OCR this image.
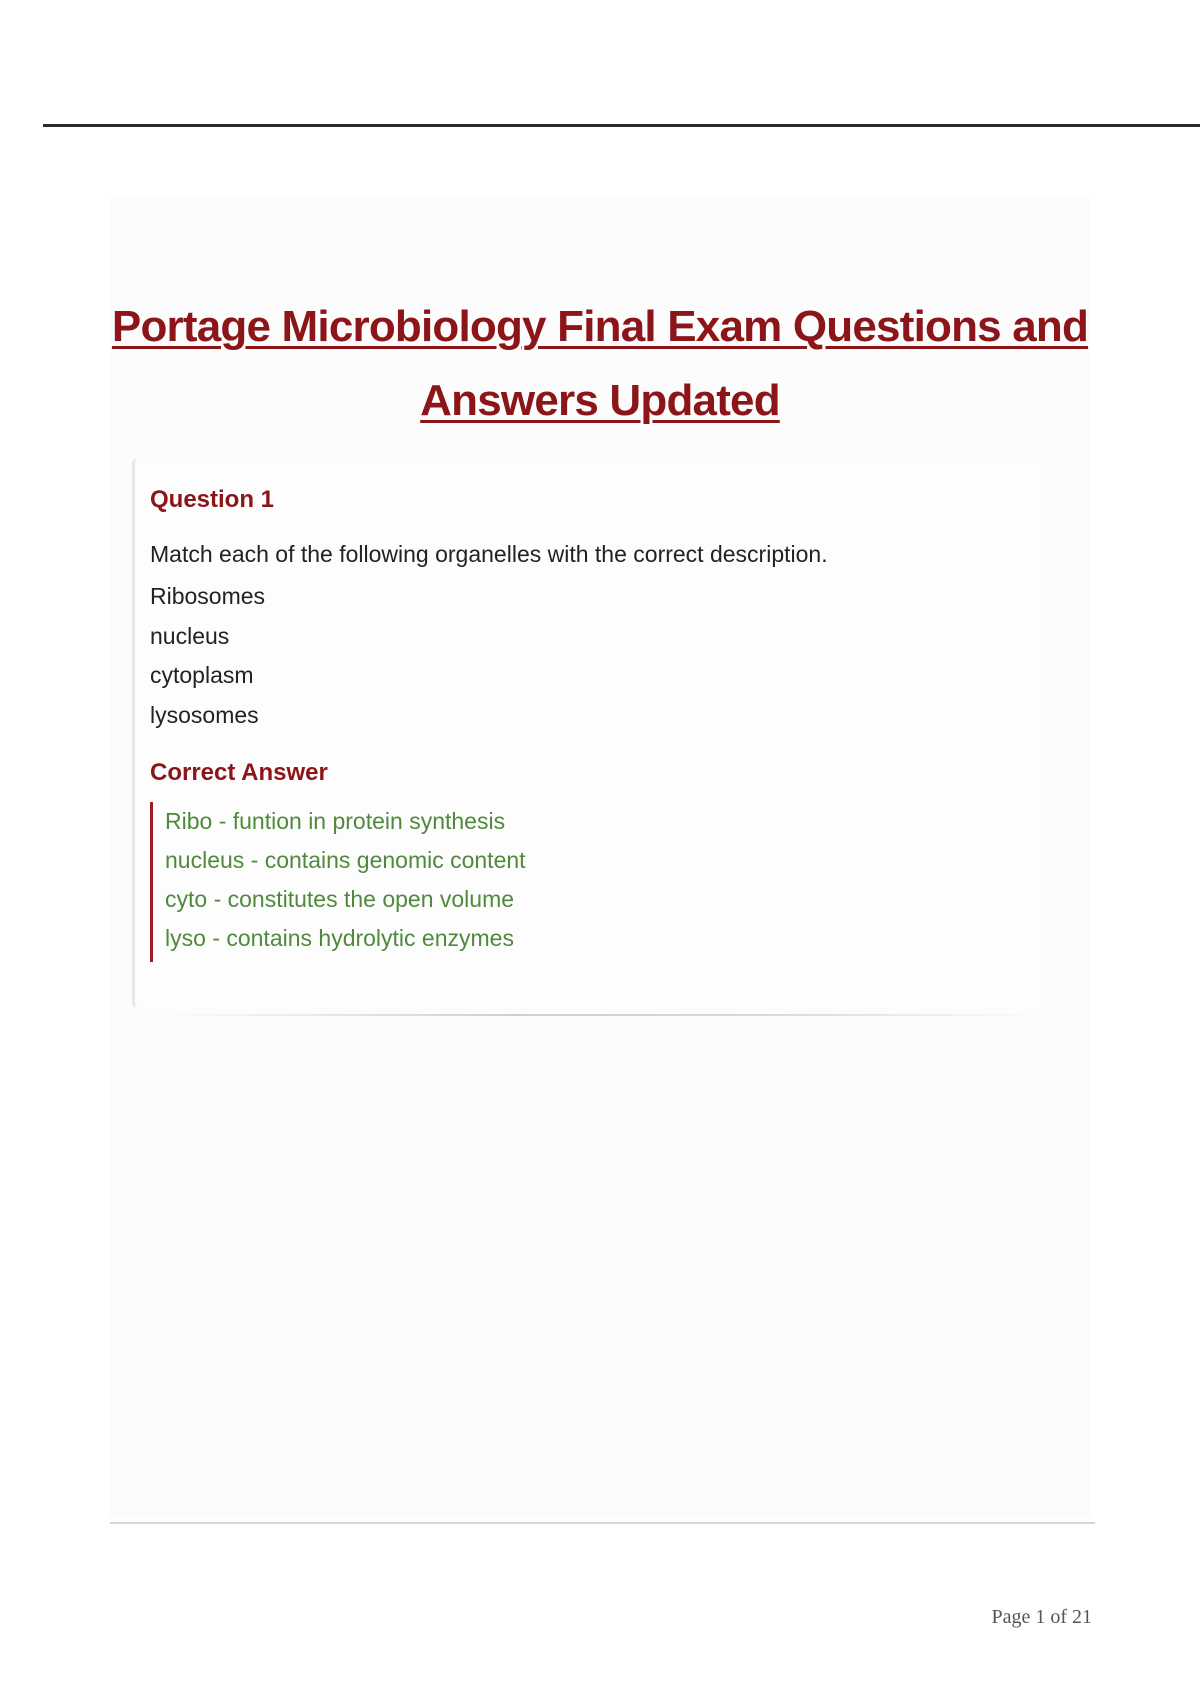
Portage Microbiology Final Exam Questions and Answers Updated
Question 1

Match each of the following organelles with the correct description.

Ribosomes
nucleus
cytoplasm
lysosomes
Correct Answer
Ribo - funtion in protein synthesis
nucleus - contains genomic content
cyto - constitutes the open volume
lyso - contains hydrolytic enzymes

Page 1 of 21
